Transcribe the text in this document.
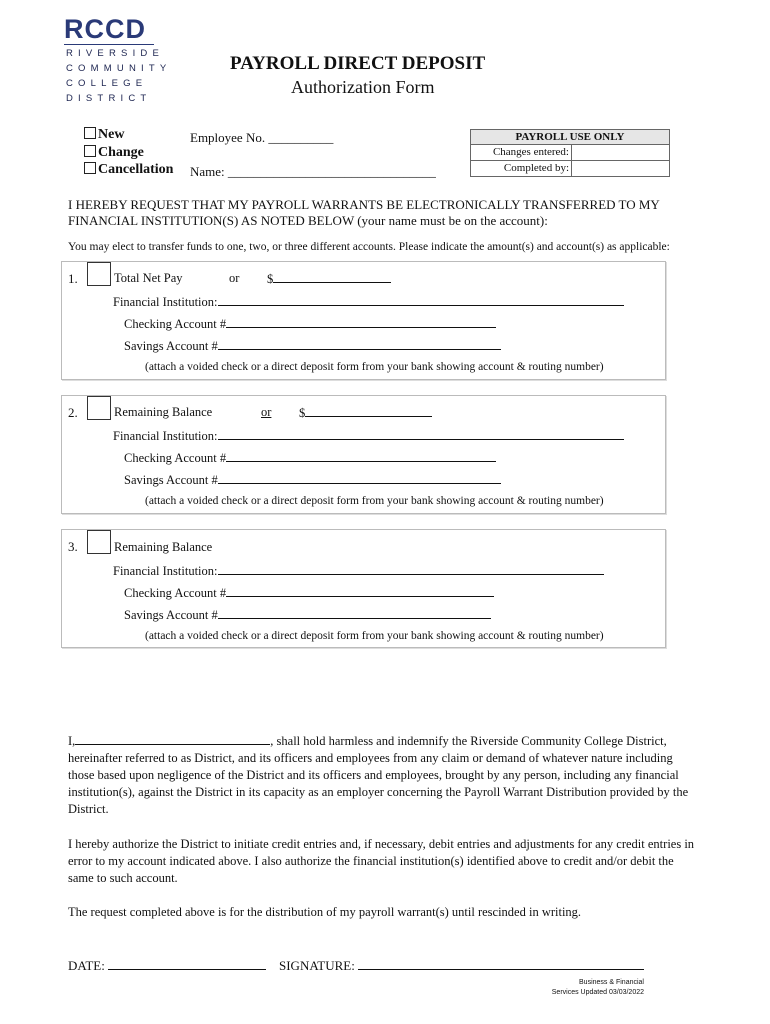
RCCD
RIVERSIDE
COMMUNITY
COLLEGE
DISTRICT
PAYROLL DIRECT DEPOSIT
Authorization Form
New
Change
Cancellation
Employee No. __________
Name: ________________________________
PAYROLL USE ONLY
Changes entered:
Completed by:
I HEREBY REQUEST THAT MY PAYROLL WARRANTS BE ELECTRONICALLY TRANSFERRED TO MY FINANCIAL INSTITUTION(S) AS NOTED BELOW (your name must be on the account):
You may elect to transfer funds to one, two, or three different accounts. Please indicate the amount(s) and account(s) as applicable:
1.	Total Net Pay	or $
Financial Institution:
Checking Account #
Savings Account #
(attach a voided check or a direct deposit form from your bank showing account & routing number)
2.	Remaining Balance	or $
Financial Institution:
Checking Account #
Savings Account #
(attach a voided check or a direct deposit form from your bank showing account & routing number)
3.	Remaining Balance
Financial Institution:
Checking Account #
Savings Account #
(attach a voided check or a direct deposit form from your bank showing account & routing number)
I,	, shall hold harmless and indemnify the Riverside Community College District, hereinafter referred to as District, and its officers and employees from any claim or demand of whatever nature including those based upon negligence of the District and its officers and employees, brought by any person, including any financial institution(s), against the District in its capacity as an employer concerning the Payroll Warrant Distribution provided by the District.
I hereby authorize the District to initiate credit entries and, if necessary, debit entries and adjustments for any credit entries in error to my account indicated above. I also authorize the financial institution(s) identified above to credit and/or debit the same to such account.
The request completed above is for the distribution of my payroll warrant(s) until rescinded in writing.
DATE:	SIGNATURE:
Business & Financial
Services Updated 03/03/2022
